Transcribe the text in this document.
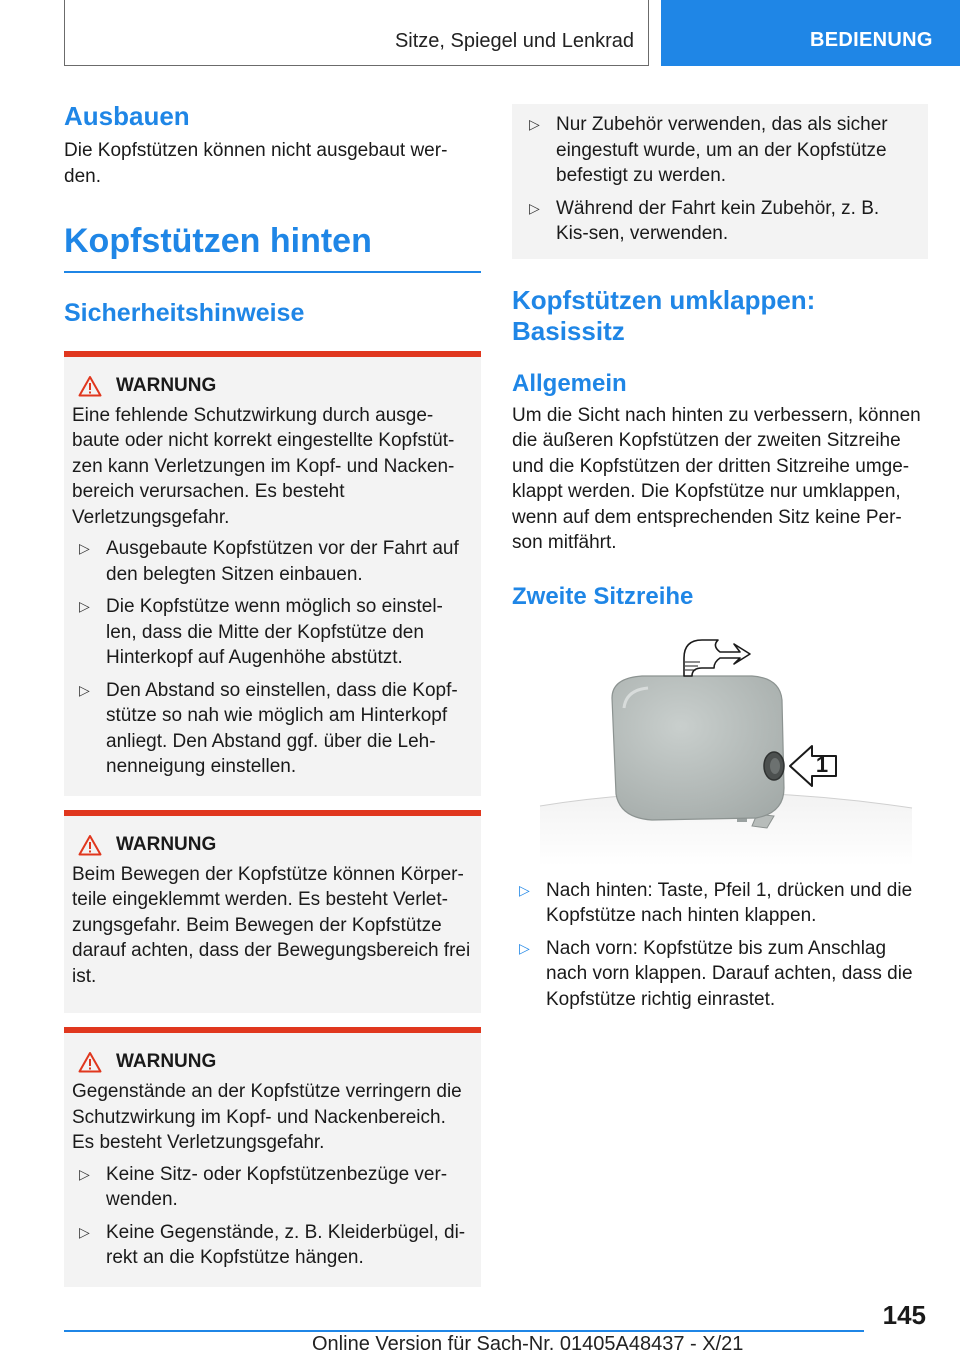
Sitze, Spiegel und Lenkrad	BEDIENUNG
Ausbauen
Die Kopfstützen können nicht ausgebaut wer-den.
Kopfstützen hinten
Sicherheitshinweise
WARNUNG
Eine fehlende Schutzwirkung durch ausge-baute oder nicht korrekt eingestellte Kopfstüt-zen kann Verletzungen im Kopf- und Nacken-bereich verursachen. Es besteht Verletzungsgefahr.
▷ Ausgebaute Kopfstützen vor der Fahrt auf den belegten Sitzen einbauen.
▷ Die Kopfstütze wenn möglich so einstel-len, dass die Mitte der Kopfstütze den Hinterkopf auf Augenhöhe abstützt.
▷ Den Abstand so einstellen, dass die Kopf-stütze so nah wie möglich am Hinterkopf anliegt. Den Abstand ggf. über die Leh-nenneigung einstellen.
WARNUNG
Beim Bewegen der Kopfstütze können Körper-teile eingeklemmt werden. Es besteht Verlet-zungsgefahr. Beim Bewegen der Kopfstütze darauf achten, dass der Bewegungsbereich frei ist.
WARNUNG
Gegenstände an der Kopfstütze verringern die Schutzwirkung im Kopf- und Nackenbereich. Es besteht Verletzungsgefahr.
▷ Keine Sitz- oder Kopfstützenbezüge ver-wenden.
▷ Keine Gegenstände, z. B. Kleiderbügel, di-rekt an die Kopfstütze hängen.
▷ Nur Zubehör verwenden, das als sicher eingestuft wurde, um an der Kopfstütze befestigt zu werden.
▷ Während der Fahrt kein Zubehör, z. B. Kis-sen, verwenden.
Kopfstützen umklappen: Basissitz
Allgemein
Um die Sicht nach hinten zu verbessern, können die äußeren Kopfstützen der zweiten Sitzreihe und die Kopfstützen der dritten Sitzreihe umge-klappt werden. Die Kopfstütze nur umklappen, wenn auf dem entsprechenden Sitz keine Per-son mitfährt.
Zweite Sitzreihe
1
▷ Nach hinten: Taste, Pfeil 1, drücken und die Kopfstütze nach hinten klappen.
▷ Nach vorn: Kopfstütze bis zum Anschlag nach vorn klappen. Darauf achten, dass die Kopfstütze richtig einrastet.
145
Online Version für Sach-Nr. 01405A48437 - X/21
